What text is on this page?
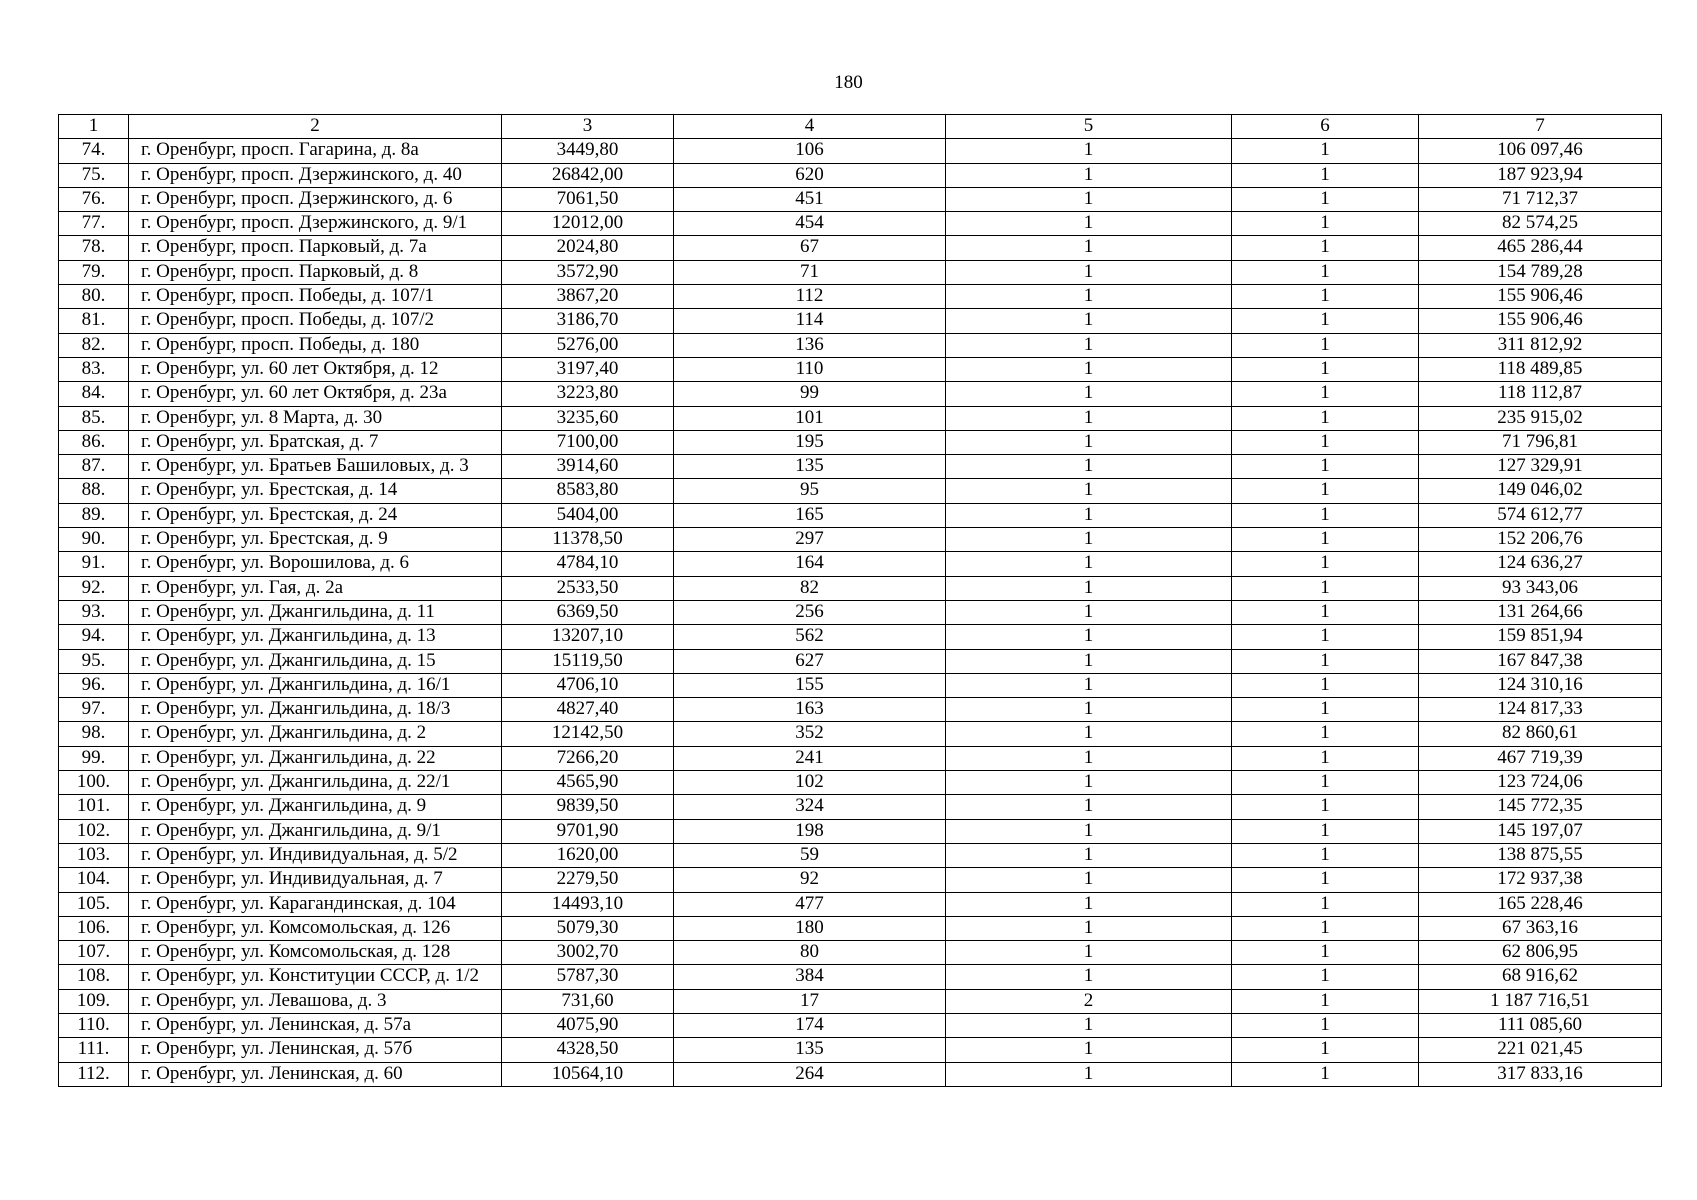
180
1	2	3	4	5	6	7
74.	г. Оренбург, просп. Гагарина, д. 8а	3449,80	106	1	1	106 097,46
75.	г. Оренбург, просп. Дзержинского, д. 40	26842,00	620	1	1	187 923,94
76.	г. Оренбург, просп. Дзержинского, д. 6	7061,50	451	1	1	71 712,37
77.	г. Оренбург, просп. Дзержинского, д. 9/1	12012,00	454	1	1	82 574,25
78.	г. Оренбург, просп. Парковый, д. 7а	2024,80	67	1	1	465 286,44
79.	г. Оренбург, просп. Парковый, д. 8	3572,90	71	1	1	154 789,28
80.	г. Оренбург, просп. Победы, д. 107/1	3867,20	112	1	1	155 906,46
81.	г. Оренбург, просп. Победы, д. 107/2	3186,70	114	1	1	155 906,46
82.	г. Оренбург, просп. Победы, д. 180	5276,00	136	1	1	311 812,92
83.	г. Оренбург, ул. 60 лет Октября, д. 12	3197,40	110	1	1	118 489,85
84.	г. Оренбург, ул. 60 лет Октября, д. 23а	3223,80	99	1	1	118 112,87
85.	г. Оренбург, ул. 8 Марта, д. 30	3235,60	101	1	1	235 915,02
86.	г. Оренбург, ул. Братская, д. 7	7100,00	195	1	1	71 796,81
87.	г. Оренбург, ул. Братьев Башиловых, д. 3	3914,60	135	1	1	127 329,91
88.	г. Оренбург, ул. Брестская, д. 14	8583,80	95	1	1	149 046,02
89.	г. Оренбург, ул. Брестская, д. 24	5404,00	165	1	1	574 612,77
90.	г. Оренбург, ул. Брестская, д. 9	11378,50	297	1	1	152 206,76
91.	г. Оренбург, ул. Ворошилова, д. 6	4784,10	164	1	1	124 636,27
92.	г. Оренбург, ул. Гая, д. 2а	2533,50	82	1	1	93 343,06
93.	г. Оренбург, ул. Джангильдина, д. 11	6369,50	256	1	1	131 264,66
94.	г. Оренбург, ул. Джангильдина, д. 13	13207,10	562	1	1	159 851,94
95.	г. Оренбург, ул. Джангильдина, д. 15	15119,50	627	1	1	167 847,38
96.	г. Оренбург, ул. Джангильдина, д. 16/1	4706,10	155	1	1	124 310,16
97.	г. Оренбург, ул. Джангильдина, д. 18/3	4827,40	163	1	1	124 817,33
98.	г. Оренбург, ул. Джангильдина, д. 2	12142,50	352	1	1	82 860,61
99.	г. Оренбург, ул. Джангильдина, д. 22	7266,20	241	1	1	467 719,39
100.	г. Оренбург, ул. Джангильдина, д. 22/1	4565,90	102	1	1	123 724,06
101.	г. Оренбург, ул. Джангильдина, д. 9	9839,50	324	1	1	145 772,35
102.	г. Оренбург, ул. Джангильдина, д. 9/1	9701,90	198	1	1	145 197,07
103.	г. Оренбург, ул. Индивидуальная, д. 5/2	1620,00	59	1	1	138 875,55
104.	г. Оренбург, ул. Индивидуальная, д. 7	2279,50	92	1	1	172 937,38
105.	г. Оренбург, ул. Карагандинская, д. 104	14493,10	477	1	1	165 228,46
106.	г. Оренбург, ул. Комсомольская, д. 126	5079,30	180	1	1	67 363,16
107.	г. Оренбург, ул. Комсомольская, д. 128	3002,70	80	1	1	62 806,95
108.	г. Оренбург, ул. Конституции СССР, д. 1/2	5787,30	384	1	1	68 916,62
109.	г. Оренбург, ул. Левашова, д. 3	731,60	17	2	1	1 187 716,51
110.	г. Оренбург, ул. Ленинская, д. 57а	4075,90	174	1	1	111 085,60
111.	г. Оренбург, ул. Ленинская, д. 57б	4328,50	135	1	1	221 021,45
112.	г. Оренбург, ул. Ленинская, д. 60	10564,10	264	1	1	317 833,16
